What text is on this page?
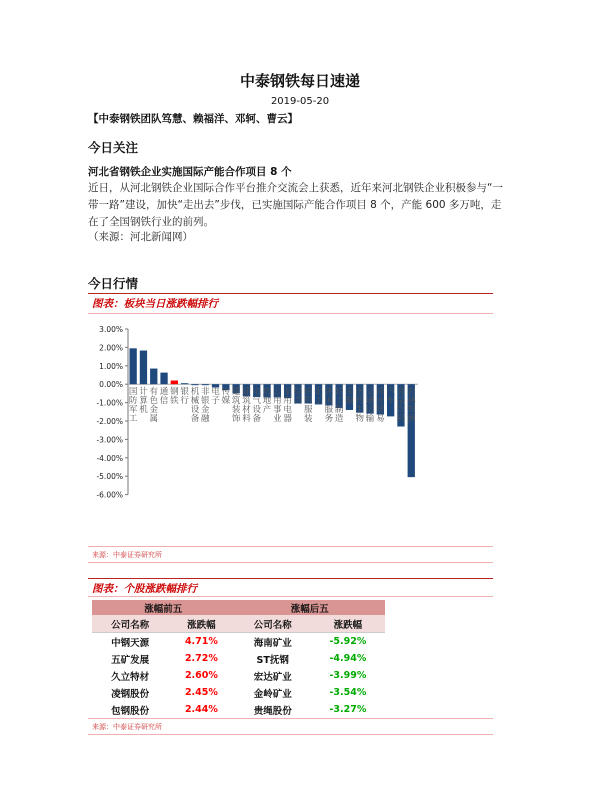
中泰钢铁每日速递
2019-05-20
【中泰钢铁团队笃慧、赖福洋、邓轲、曹云】
今日关注
河北省钢铁企业实施国际产能合作项目 8 个
近日，从河北钢铁企业国际合作平台推介交流会上获悉，近年来河北钢铁企业积极参与“一带一路”建设，加快“走出去”步伐，已实施国际产能合作项目 8 个，产能 600 多万吨，走在了全国钢铁行业的前列。
（来源：河北新闻网）
今日行情
图表：板块当日涨跌幅排行
3.00%
2.00%
1.00%
0.00%
-1.00%
-2.00%
-3.00%
-4.00%
-5.00%
-6.00%
国防军工
计算机
有色金属
通信
钢铁
银行
机械设备
非银金融
电子
传媒
建筑装饰
建筑材料
电气设备
房地产
公用事业
家用电器
综合
纺织服装
化工
休闲服务
轻工制造
采掘
医药生物
交通运输
商业贸易
汽车
食品饮料
农林牧渔
来源：中泰证券研究所
图表：个股涨跌幅排行
涨幅前五		涨幅后五	
公司名称	涨跌幅	公司名称	涨跌幅
中钢天源	4.71%	海南矿业	-5.92%
五矿发展	2.72%	ST抚钢	-4.94%
久立特材	2.60%	宏达矿业	-3.99%
凌钢股份	2.45%	金岭矿业	-3.54%
包钢股份	2.44%	贵绳股份	-3.27%
来源：中泰证券研究所
